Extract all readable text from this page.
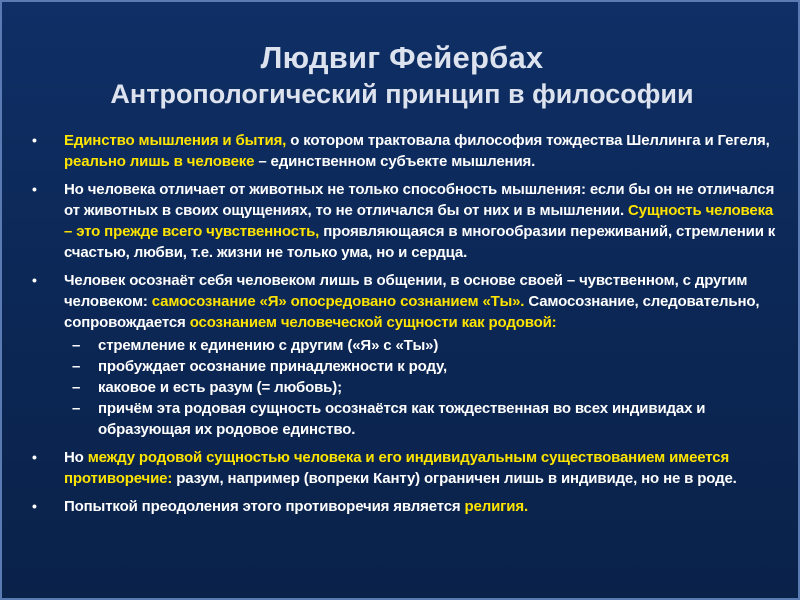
Людвиг Фейербах
Антропологический принцип в философии
• Единство мышления и бытия, о котором трактовала философия тождества Шеллинга и Гегеля, реально лишь в человеке – единственном субъекте мышления.
• Но человека отличает от животных не только способность мышления: если бы он не отличался от животных в своих ощущениях, то не отличался бы от них и в мышлении. Сущность человека – это прежде всего чувственность, проявляющаяся в многообразии переживаний, стремлении к счастью, любви, т.е. жизни не только ума, но и сердца.
• Человек осознаёт себя человеком лишь в общении, в основе своей – чувственном, с другим человеком: самосознание «Я» опосредовано сознанием «Ты». Самосознание, следовательно, сопровождается осознанием человеческой сущности как родовой:
– стремление к единению с другим («Я» с «Ты»)
– пробуждает осознание принадлежности к роду,
– каковое и есть разум (= любовь);
– причём эта родовая сущность осознаётся как тождественная во всех индивидах и образующая их родовое единство.
• Но между родовой сущностью человека и его индивидуальным существованием имеется противоречие: разум, например (вопреки Канту) ограничен лишь в индивиде, но не в роде.
• Попыткой преодоления этого противоречия является религия.
